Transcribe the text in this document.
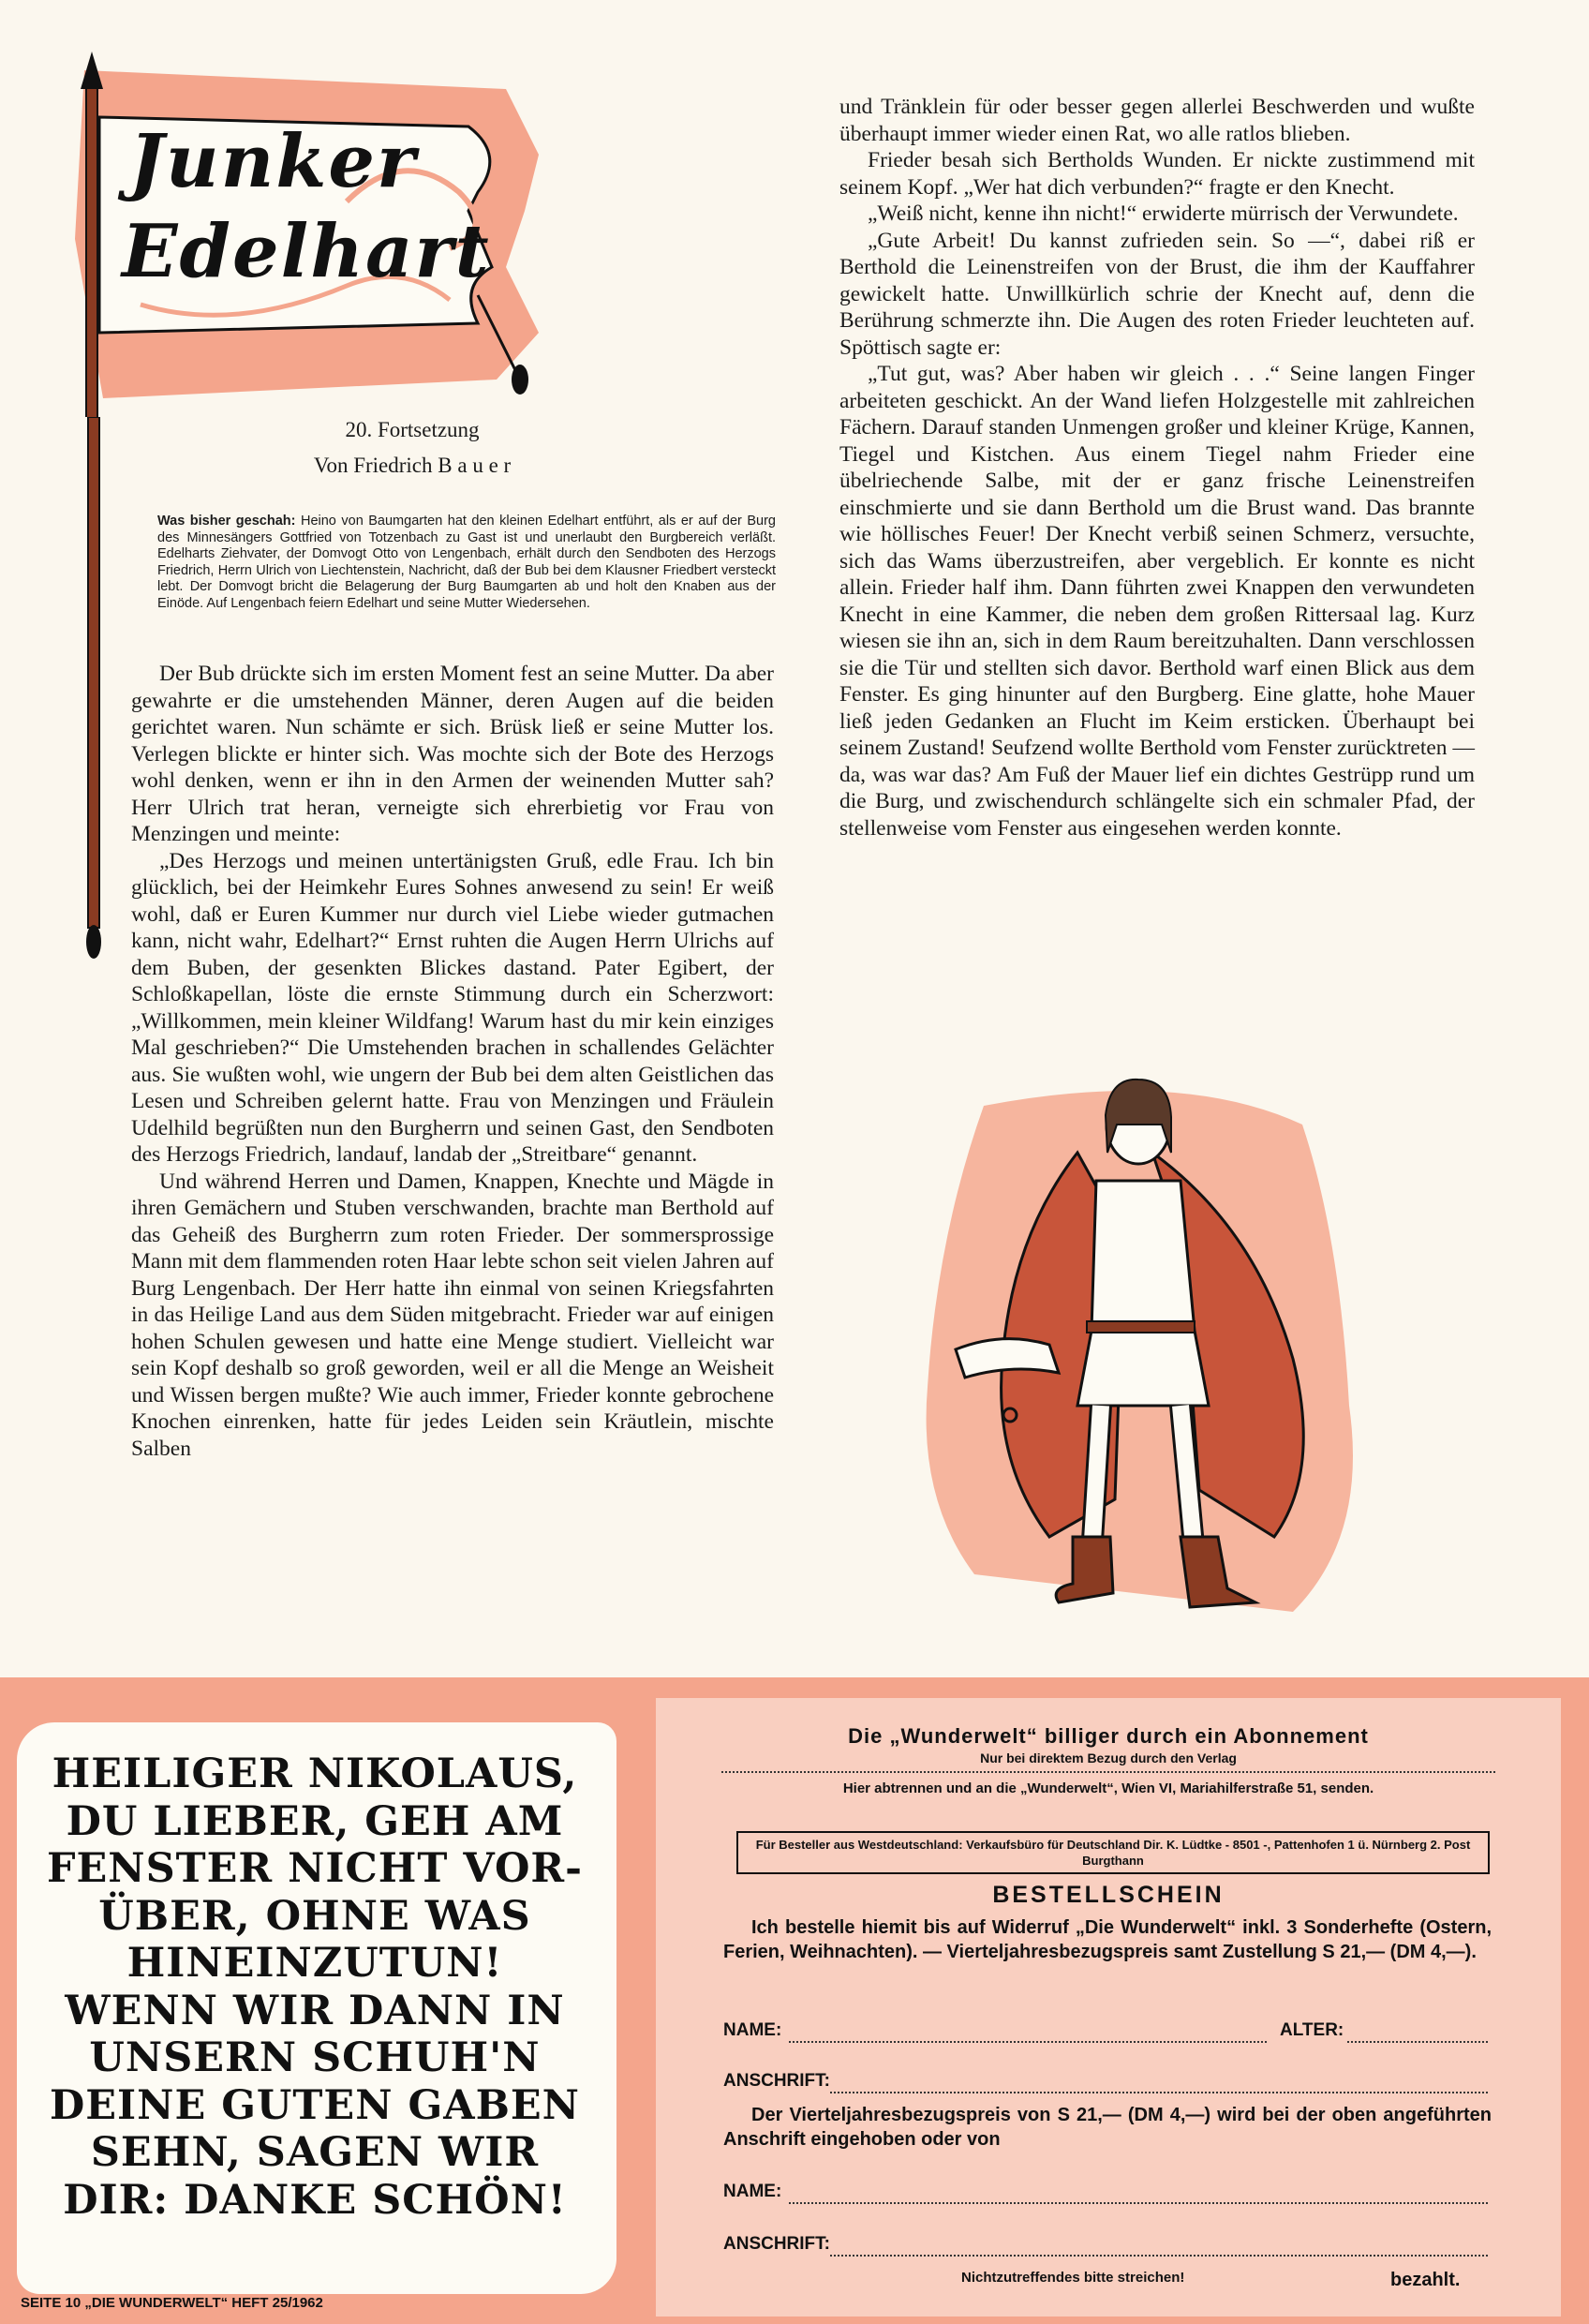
Junker
Edelhart
20. Fortsetzung
Von Friedrich B a u e r
Was bisher geschah: Heino von Baumgarten hat den kleinen Edelhart entführt, als er auf der Burg des Minnesängers Gottfried von Totzenbach zu Gast ist und unerlaubt den Burgbereich verläßt. Edelharts Ziehvater, der Domvogt Otto von Lengenbach, erhält durch den Sendboten des Herzogs Friedrich, Herrn Ulrich von Liechtenstein, Nachricht, daß der Bub bei dem Klausner Friedbert versteckt lebt. Der Domvogt bricht die Belagerung der Burg Baumgarten ab und holt den Knaben aus der Einöde. Auf Lengenbach feiern Edelhart und seine Mutter Wiedersehen.

Der Bub drückte sich im ersten Moment fest an seine Mutter. Da aber gewahrte er die umstehenden Männer, deren Augen auf die beiden gerichtet waren. Nun schämte er sich. Brüsk ließ er seine Mutter los. Verlegen blickte er hinter sich. Was mochte sich der Bote des Herzogs wohl denken, wenn er ihn in den Armen der weinenden Mutter sah? Herr Ulrich trat heran, verneigte sich ehrerbietig vor Frau von Menzingen und meinte:

„Des Herzogs und meinen untertänigsten Gruß, edle Frau. Ich bin glücklich, bei der Heimkehr Eures Sohnes anwesend zu sein! Er weiß wohl, daß er Euren Kummer nur durch viel Liebe wieder gutmachen kann, nicht wahr, Edelhart?“ Ernst ruhten die Augen Herrn Ulrichs auf dem Buben, der gesenkten Blickes dastand. Pater Egibert, der Schloßkapellan, löste die ernste Stimmung durch ein Scherzwort: „Willkommen, mein kleiner Wildfang! Warum hast du mir kein einziges Mal geschrieben?“ Die Umstehenden brachen in schallendes Gelächter aus. Sie wußten wohl, wie ungern der Bub bei dem alten Geistlichen das Lesen und Schreiben gelernt hatte. Frau von Menzingen und Fräulein Udelhild begrüßten nun den Burgherrn und seinen Gast, den Sendboten des Herzogs Friedrich, landauf, landab der „Streitbare“ genannt.

Und während Herren und Damen, Knappen, Knechte und Mägde in ihren Gemächern und Stuben verschwanden, brachte man Berthold auf das Geheiß des Burgherrn zum roten Frieder. Der sommersprossige Mann mit dem flammenden roten Haar lebte schon seit vielen Jahren auf Burg Lengenbach. Der Herr hatte ihn einmal von seinen Kriegsfahrten in das Heilige Land aus dem Süden mitgebracht. Frieder war auf einigen hohen Schulen gewesen und hatte eine Menge studiert. Vielleicht war sein Kopf deshalb so groß geworden, weil er all die Menge an Weisheit und Wissen bergen mußte? Wie auch immer, Frieder konnte gebrochene Knochen einrenken, hatte für jedes Leiden sein Kräutlein, mischte Salben

und Tränklein für oder besser gegen allerlei Beschwerden und wußte überhaupt immer wieder einen Rat, wo alle ratlos blieben.

Frieder besah sich Bertholds Wunden. Er nickte zustimmend mit seinem Kopf. „Wer hat dich verbunden?“ fragte er den Knecht.

„Weiß nicht, kenne ihn nicht!“ erwiderte mürrisch der Verwundete.

„Gute Arbeit! Du kannst zufrieden sein. So —“, dabei riß er Berthold die Leinenstreifen von der Brust, die ihm der Kauffahrer gewickelt hatte. Unwillkürlich schrie der Knecht auf, denn die Berührung schmerzte ihn. Die Augen des roten Frieder leuchteten auf. Spöttisch sagte er:

„Tut gut, was? Aber haben wir gleich . . .“ Seine langen Finger arbeiteten geschickt. An der Wand liefen Holzgestelle mit zahlreichen Fächern. Darauf standen Unmengen großer und kleiner Krüge, Kannen, Tiegel und Kistchen. Aus einem Tiegel nahm Frieder eine übelriechende Salbe, mit der er ganz frische Leinenstreifen einschmierte und sie dann Berthold um die Brust wand. Das brannte wie höllisches Feuer! Der Knecht verbiß seinen Schmerz, versuchte, sich das Wams überzustreifen, aber vergeblich. Er konnte es nicht allein. Frieder half ihm. Dann führten zwei Knappen den verwundeten Knecht in eine Kammer, die neben dem großen Rittersaal lag. Kurz wiesen sie ihn an, sich in dem Raum bereitzuhalten. Dann verschlossen sie die Tür und stellten sich davor. Berthold warf einen Blick aus dem Fenster. Es ging hinunter auf den Burgberg. Eine glatte, hohe Mauer ließ jeden Gedanken an Flucht im Keim ersticken. Überhaupt bei seinem Zustand! Seufzend wollte Berthold vom Fenster zurücktreten — da, was war das? Am Fuß der Mauer lief ein dichtes Gestrüpp rund um die Burg, und zwischendurch schlängelte sich ein schmaler Pfad, der stellenweise vom Fenster aus eingesehen werden konnte.

HEILIGER NIKOLAUS,
DU LIEBER, GEH AM
FENSTER NICHT VOR-
ÜBER, OHNE WAS
HINEINZUTUN!
WENN WIR DANN IN
UNSERN SCHUH'N
DEINE GUTEN GABEN
SEHN, SAGEN WIR
DIR: DANKE SCHÖN!
SEITE 10 „DIE WUNDERWELT“ HEFT 25/1962
Die „Wunderwelt“ billiger durch ein Abonnement
Nur bei direktem Bezug durch den Verlag
Hier abtrennen und an die „Wunderwelt“, Wien VI, Mariahilferstraße 51, senden.
Für Besteller aus Westdeutschland: Verkaufsbüro für Deutschland Dir. K. Lüdtke - 8501 -, Pattenhofen 1 ü. Nürnberg 2. Post Burgthann
BESTELLSCHEIN
Ich bestelle hiemit bis auf Widerruf „Die Wunderwelt“ inkl. 3 Sonderhefte (Ostern, Ferien, Weihnachten). — Vierteljahresbezugspreis samt Zustellung S 21,— (DM 4,—).
NAME:	ALTER:
ANSCHRIFT:
Der Vierteljahresbezugspreis von S 21,— (DM 4,—) wird bei der oben angeführten Anschrift eingehoben oder von
NAME:
ANSCHRIFT:
Nichtzutreffendes bitte streichen!	bezahlt.
